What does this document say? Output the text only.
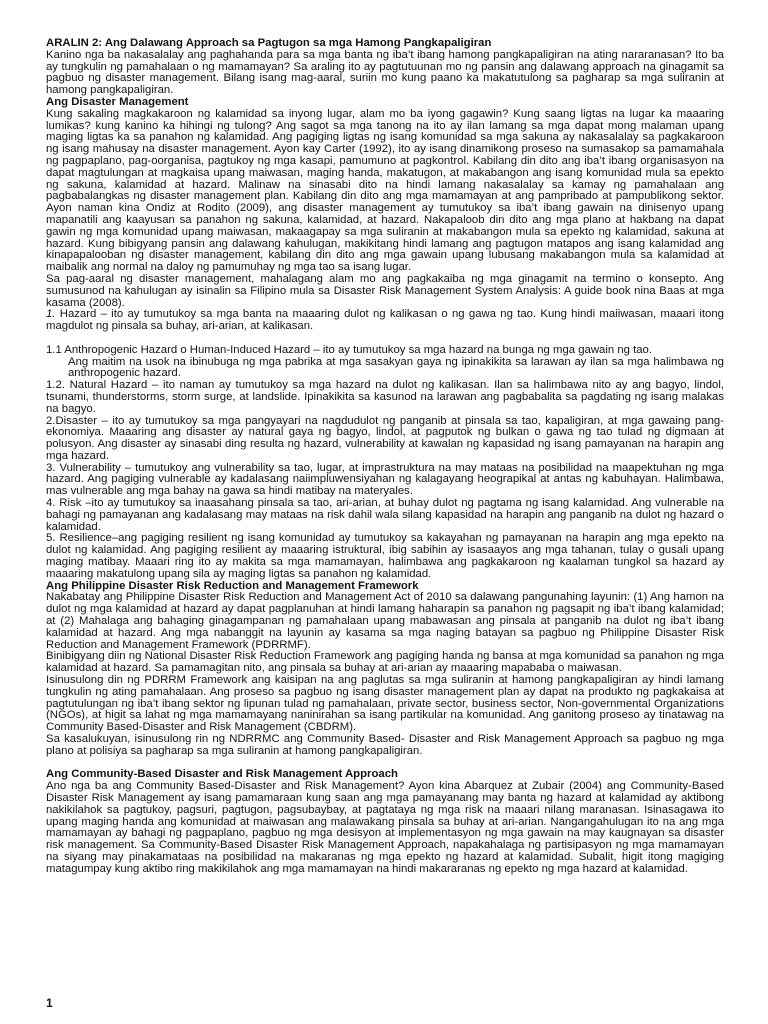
ARALIN 2: Ang Dalawang Approach sa Pagtugon sa mga Hamong Pangkapaligiran

Kanino nga ba nakasalalay ang paghahanda para sa mga banta ng iba’t ibang hamong pangkapaligiran na ating nararanasan? Ito ba ay tungkulin ng pamahalaan o ng mamamayan? Sa araling ito ay pagtutuunan mo ng pansin ang dalawang approach na ginagamit sa pagbuo ng disaster management. Bilang isang mag-aaral, suriin mo kung paano ka makatutulong sa pagharap sa mga suliranin at hamong pangkapaligiran.

Ang Disaster Management

Kung sakaling magkakaroon ng kalamidad sa inyong lugar, alam mo ba iyong gagawin? Kung saang ligtas na lugar ka maaaring lumikas? kung kanino ka hihingi ng tulong? Ang sagot sa mga tanong na ito ay ilan lamang sa mga dapat mong malaman upang maging ligtas ka sa panahon ng kalamidad. Ang pagiging ligtas ng isang komunidad sa mga sakuna ay nakasalalay sa pagkakaroon ng isang mahusay na disaster management. Ayon kay Carter (1992), ito ay isang dinamikong proseso na sumasakop sa pamamahala ng pagpaplano, pag-oorganisa, pagtukoy ng mga kasapi, pamumuno at pagkontrol. Kabilang din dito ang iba’t ibang organisasyon na dapat magtulungan at magkaisa upang maiwasan, maging handa, makatugon, at makabangon ang isang komunidad mula sa epekto ng sakuna, kalamidad at hazard. Malinaw na sinasabi dito na hindi lamang nakasalalay sa kamay ng pamahalaan ang pagbabalangkas ng disaster management plan. Kabilang din dito ang mga mamamayan at ang pampribado at pampublikong sektor. Ayon naman kina Ondiz at Rodito (2009), ang disaster management ay tumutukoy sa iba’t ibang gawain na dinisenyo upang mapanatili ang kaayusan sa panahon ng sakuna, kalamidad, at hazard. Nakapaloob din dito ang mga plano at hakbang na dapat gawin ng mga komunidad upang maiwasan, makaagapay sa mga suliranin at makabangon mula sa epekto ng kalamidad, sakuna at hazard. Kung bibigyang pansin ang dalawang kahulugan, makikitang hindi lamang ang pagtugon matapos ang isang kalamidad ang kinapapalooban ng disaster management, kabilang din dito ang mga gawain upang lubusang makabangon mula sa kalamidad at maibalik ang normal na daloy ng pamumuhay ng mga tao sa isang lugar.

Sa pag-aaral ng disaster management, mahalagang alam mo ang pagkakaiba ng mga ginagamit na termino o konsepto. Ang sumusunod na kahulugan ay isinalin sa Filipino mula sa Disaster Risk Management System Analysis: A guide book nina Baas at mga kasama (2008).

1. Hazard – ito ay tumutukoy sa mga banta na maaaring dulot ng kalikasan o ng gawa ng tao. Kung hindi maiiwasan, maaari itong magdulot ng pinsala sa buhay, ari-arian, at kalikasan.

1.1 Anthropogenic Hazard o Human-Induced Hazard – ito ay tumutukoy sa mga hazard na bunga ng mga gawain ng tao.

Ang maitim na usok na ibinubuga ng mga pabrika at mga sasakyan gaya ng ipinakikita sa larawan ay ilan sa mga halimbawa ng anthropogenic hazard.

1.2. Natural Hazard – ito naman ay tumutukoy sa mga hazard na dulot ng kalikasan. Ilan sa halimbawa nito ay ang bagyo, lindol, tsunami, thunderstorms, storm surge, at landslide. Ipinakikita sa kasunod na larawan ang pagbabalita sa pagdating ng isang malakas na bagyo.

2.Disaster – ito ay tumutukoy sa mga pangyayari na nagdudulot ng panganib at pinsala sa tao, kapaligiran, at mga gawaing pang-ekonomiya. Maaaring ang disaster ay natural gaya ng bagyo, lindol, at pagputok ng bulkan o gawa ng tao tulad ng digmaan at polusyon. Ang disaster ay sinasabi ding resulta ng hazard, vulnerability at kawalan ng kapasidad ng isang pamayanan na harapin ang mga hazard.

3. Vulnerability – tumutukoy ang vulnerability sa tao, lugar, at imprastruktura na may mataas na posibilidad na maapektuhan ng mga hazard. Ang pagiging vulnerable ay kadalasang naiimpluwensiyahan ng kalagayang heograpikal at antas ng kabuhayan. Halimbawa, mas vulnerable ang mga bahay na gawa sa hindi matibay na materyales.

4. Risk –ito ay tumutukoy sa inaasahang pinsala sa tao, ari-arian, at buhay dulot ng pagtama ng isang kalamidad. Ang vulnerable na bahagi ng pamayanan ang kadalasang may mataas na risk dahil wala silang kapasidad na harapin ang panganib na dulot ng hazard o kalamidad.

5. Resilience–ang pagiging resilient ng isang komunidad ay tumutukoy sa kakayahan ng pamayanan na harapin ang mga epekto na dulot ng kalamidad. Ang pagiging resilient ay maaaring istruktural, ibig sabihin ay isasaayos ang mga tahanan, tulay o gusali upang maging matibay. Maaari ring ito ay makita sa mga mamamayan, halimbawa ang pagkakaroon ng kaalaman tungkol sa hazard ay maaaring makatulong upang sila ay maging ligtas sa panahon ng kalamidad.

Ang Philippine Disaster Risk Reduction and Management Framework

Nakabatay ang Philippine Disaster Risk Reduction and Management Act of 2010 sa dalawang pangunahing layunin: (1) Ang hamon na dulot ng mga kalamidad at hazard ay dapat pagplanuhan at hindi lamang haharapin sa panahon ng pagsapit ng iba’t ibang kalamidad; at (2) Mahalaga ang bahaging ginagampanan ng pamahalaan upang mabawasan ang pinsala at panganib na dulot ng iba’t ibang kalamidad at hazard. Ang mga nabanggit na layunin ay kasama sa mga naging batayan sa pagbuo ng Philippine Disaster Risk Reduction and Management Framework (PDRRMF).

Binibigyang diin ng National Disaster Risk Reduction Framework ang pagiging handa ng bansa at mga komunidad sa panahon ng mga kalamidad at hazard. Sa pamamagitan nito, ang pinsala sa buhay at ari-arian ay maaaring mapababa o maiwasan.

Isinusulong din ng PDRRM Framework ang kaisipan na ang paglutas sa mga suliranin at hamong pangkapaligiran ay hindi lamang tungkulin ng ating pamahalaan. Ang proseso sa pagbuo ng isang disaster management plan ay dapat na produkto ng pagkakaisa at pagtutulungan ng iba’t ibang sektor ng lipunan tulad ng pamahalaan, private sector, business sector, Non-governmental Organizations (NGOs), at higit sa lahat ng mga mamamayang naninirahan sa isang partikular na komunidad. Ang ganitong proseso ay tinatawag na Community Based-Disaster and Risk Management (CBDRM).

Sa kasalukuyan, isinusulong rin ng NDRRMC ang Community Based- Disaster and Risk Management Approach sa pagbuo ng mga plano at polisiya sa pagharap sa mga suliranin at hamong pangkapaligiran.

Ang Community-Based Disaster and Risk Management Approach

Ano nga ba ang Community Based-Disaster and Risk Management? Ayon kina Abarquez at Zubair (2004) ang Community-Based Disaster Risk Management ay isang pamamaraan kung saan ang mga pamayanang may banta ng hazard at kalamidad ay aktibong nakikilahok sa pagtukoy, pagsuri, pagtugon, pagsubaybay, at pagtataya ng mga risk na maaari nilang maranasan. Isinasagawa ito upang maging handa ang komunidad at maiwasan ang malawakang pinsala sa buhay at ari-arian. Nangangahulugan ito na ang mga mamamayan ay bahagi ng pagpaplano, pagbuo ng mga desisyon at implementasyon ng mga gawain na may kaugnayan sa disaster risk management. Sa Community-Based Disaster Risk Management Approach, napakahalaga ng partisipasyon ng mga mamamayan na siyang may pinakamataas na posibilidad na makaranas ng mga epekto ng hazard at kalamidad. Subalit, higit itong magiging matagumpay kung aktibo ring makikilahok ang mga mamamayan na hindi makararanas ng epekto ng mga hazard at kalamidad.

1
